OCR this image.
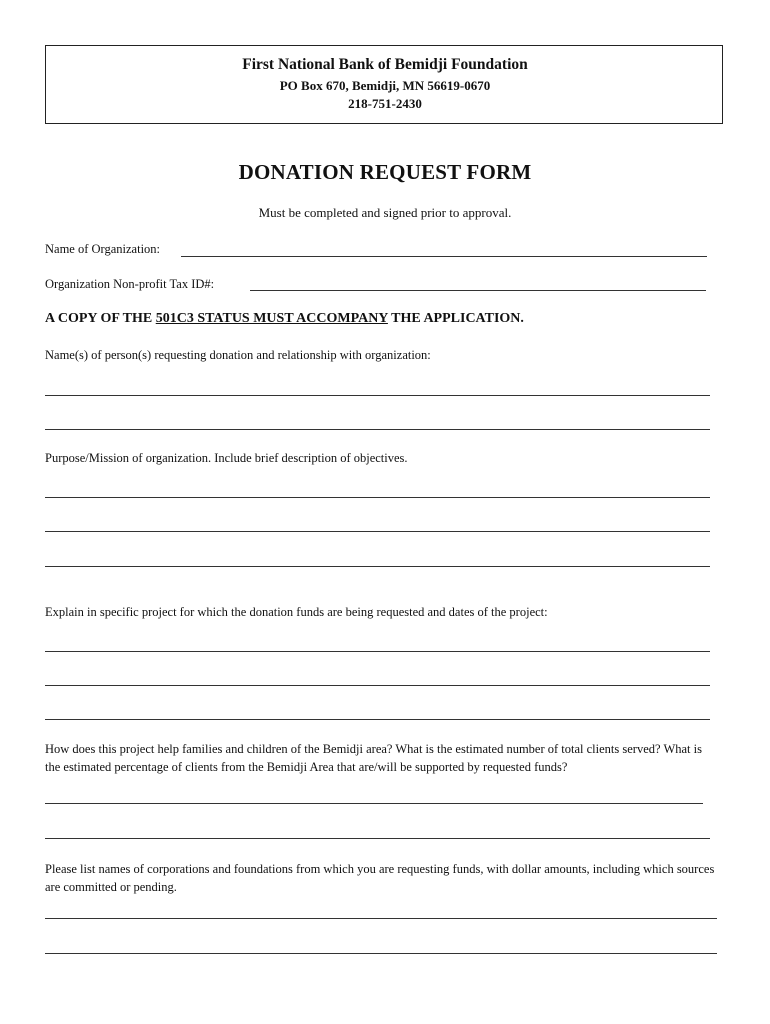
First National Bank of Bemidji Foundation
PO Box 670, Bemidji, MN 56619-0670
218-751-2430
DONATION REQUEST FORM
Must be completed and signed prior to approval.
Name of Organization:
Organization Non-profit Tax ID#:
A COPY OF THE 501C3 STATUS MUST ACCOMPANY THE APPLICATION.
Name(s) of person(s) requesting donation and relationship with organization:
Purpose/Mission of organization. Include brief description of objectives.
Explain in specific project for which the donation funds are being requested and dates of the project:
How does this project help families and children of the Bemidji area? What is the estimated number of total clients served? What is the estimated percentage of clients from the Bemidji Area that are/will be supported by requested funds?
Please list names of corporations and foundations from which you are requesting funds, with dollar amounts, including which sources are committed or pending.
